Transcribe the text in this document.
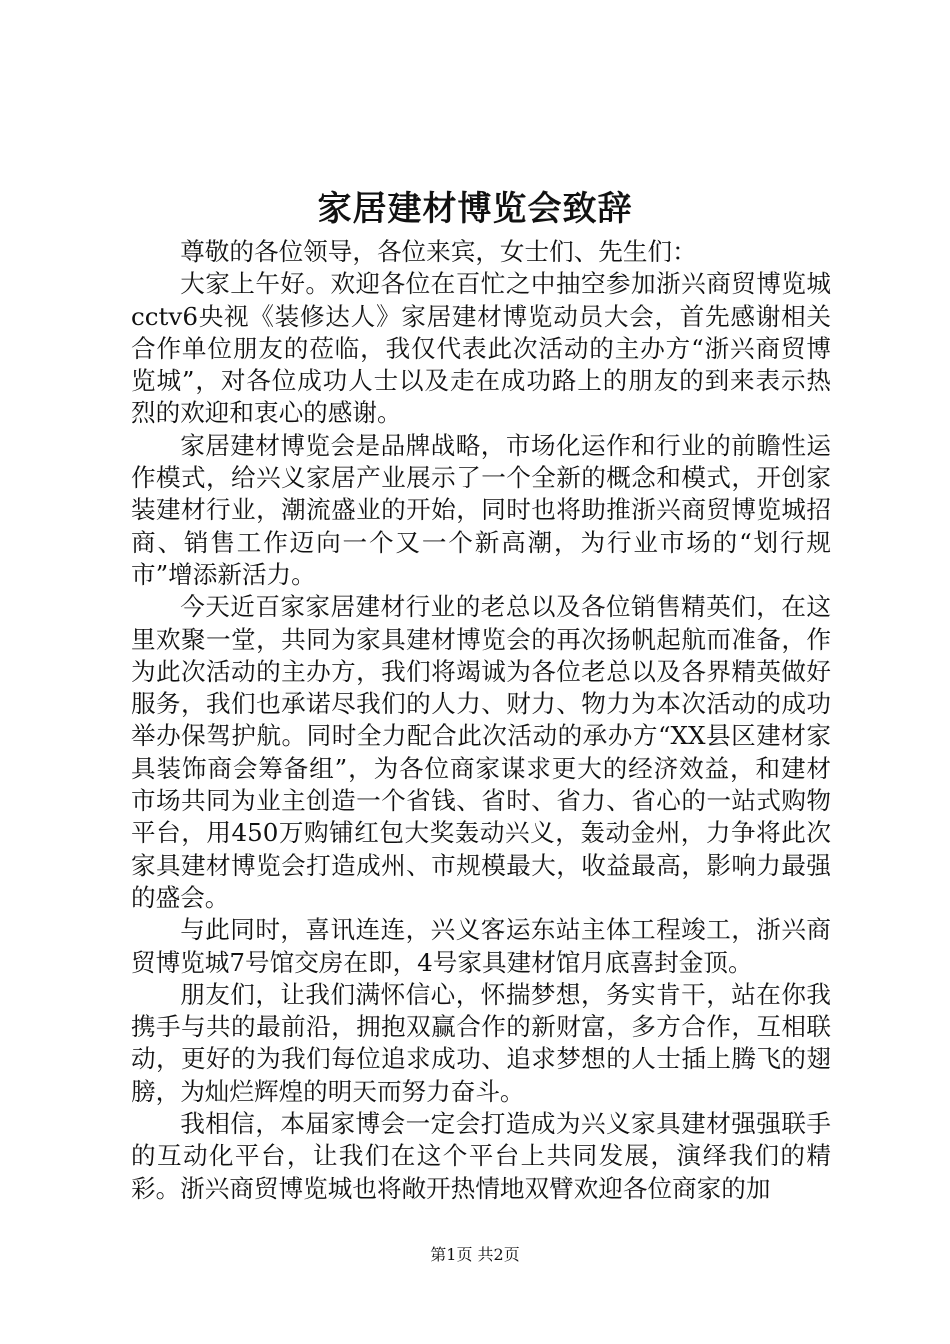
家居建材博览会致辞

尊敬的各位领导，各位来宾，女士们、先生们：

大家上午好。欢迎各位在百忙之中抽空参加浙兴商贸博览城cctv6央视《装修达人》家居建材博览动员大会，首先感谢相关合作单位朋友的莅临，我仅代表此次活动的主办方“浙兴商贸博览城”，对各位成功人士以及走在成功路上的朋友的到来表示热烈的欢迎和衷心的感谢。

家居建材博览会是品牌战略，市场化运作和行业的前瞻性运作模式，给兴义家居产业展示了一个全新的概念和模式，开创家装建材行业，潮流盛业的开始，同时也将助推浙兴商贸博览城招商、销售工作迈向一个又一个新高潮，为行业市场的“划行规市”增添新活力。

今天近百家家居建材行业的老总以及各位销售精英们，在这里欢聚一堂，共同为家具建材博览会的再次扬帆起航而准备，作为此次活动的主办方，我们将竭诚为各位老总以及各界精英做好服务，我们也承诺尽我们的人力、财力、物力为本次活动的成功举办保驾护航。同时全力配合此次活动的承办方“XX县区建材家具装饰商会筹备组”，为各位商家谋求更大的经济效益，和建材市场共同为业主创造一个省钱、省时、省力、省心的一站式购物平台，用450万购铺红包大奖轰动兴义，轰动金州，力争将此次家具建材博览会打造成州、市规模最大，收益最高，影响力最强的盛会。

与此同时，喜讯连连，兴义客运东站主体工程竣工，浙兴商贸博览城7号馆交房在即，4号家具建材馆月底喜封金顶。

朋友们，让我们满怀信心，怀揣梦想，务实肯干，站在你我携手与共的最前沿，拥抱双赢合作的新财富，多方合作，互相联动，更好的为我们每位追求成功、追求梦想的人士插上腾飞的翅膀，为灿烂辉煌的明天而努力奋斗。

我相信，本届家博会一定会打造成为兴义家具建材强强联手的互动化平台，让我们在这个平台上共同发展，演绎我们的精彩。浙兴商贸博览城也将敞开热情地双臂欢迎各位商家的加

第1页 共2页
